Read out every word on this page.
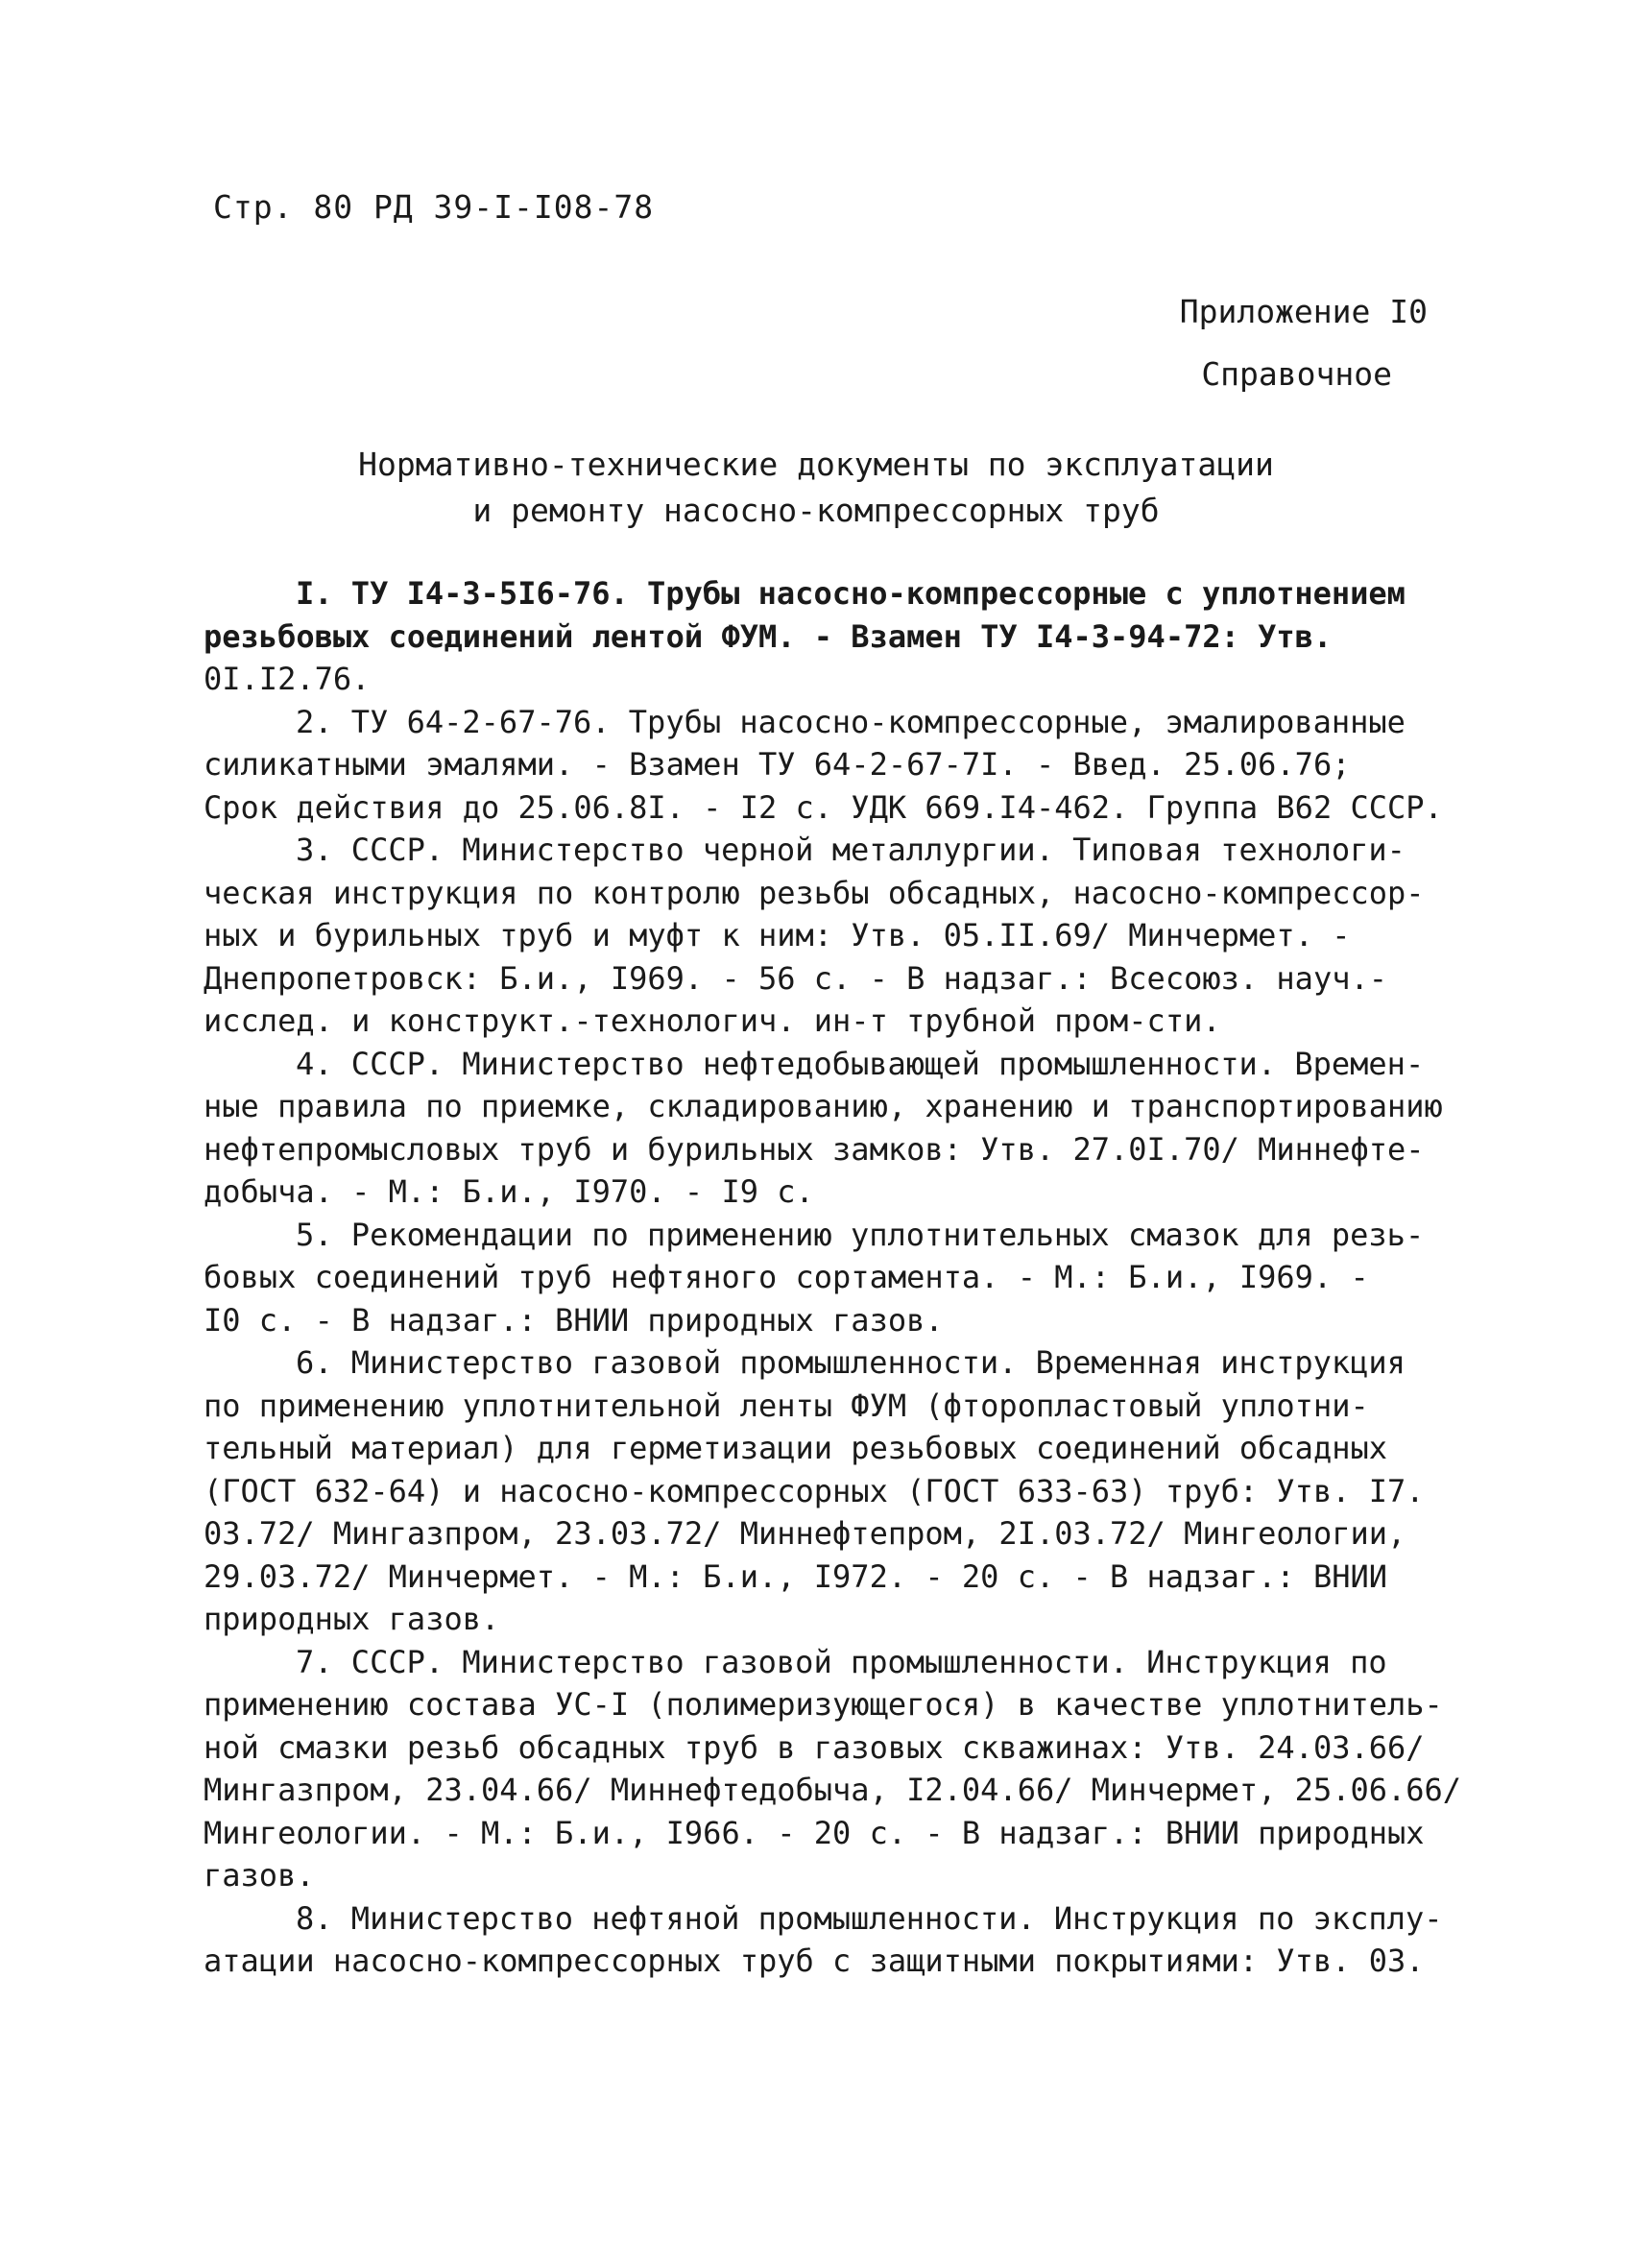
Стр. 80 РД 39-I-I08-78
Приложение I0
Справочное
Нормативно-технические документы по эксплуатации
и ремонту насосно-компрессорных труб
I. ТУ I4-3-5I6-76. Трубы насосно-компрессорные с уплотнением
резьбовых соединений лентой ФУМ. - Взамен ТУ I4-3-94-72: Утв.
0I.I2.76.
2. ТУ 64-2-67-76. Трубы насосно-компрессорные, эмалированные
силикатными эмалями. - Взамен ТУ 64-2-67-7I. - Введ. 25.06.76;
Срок действия до 25.06.8I. - I2 с. УДК 669.I4-462. Группа В62 СССР.
3. СССР. Министерство черной металлургии. Типовая технологи-
ческая инструкция по контролю резьбы обсадных, насосно-компрессор-
ных и бурильных труб и муфт к ним: Утв. 05.II.69/ Минчермет. -
Днепропетровск: Б.и., I969. - 56 с. - В надзаг.: Всесоюз. науч.-
исслед. и конструкт.-технологич. ин-т трубной пром-сти.
4. СССР. Министерство нефтедобывающей промышленности. Времен-
ные правила по приемке, складированию, хранению и транспортированию
нефтепромысловых труб и бурильных замков: Утв. 27.0I.70/ Миннефте-
добыча. - М.: Б.и., I970. - I9 с.
5. Рекомендации по применению уплотнительных смазок для резь-
бовых соединений труб нефтяного сортамента. - М.: Б.и., I969. -
I0 с. - В надзаг.: ВНИИ природных газов.
6. Министерство газовой промышленности. Временная инструкция
по применению уплотнительной ленты ФУМ (фторопластовый уплотни-
тельный материал) для герметизации резьбовых соединений обсадных
(ГОСТ 632-64) и насосно-компрессорных (ГОСТ 633-63) труб: Утв. I7.
03.72/ Мингазпром, 23.03.72/ Миннефтепром, 2I.03.72/ Мингеологии,
29.03.72/ Минчермет. - М.: Б.и., I972. - 20 с. - В надзаг.: ВНИИ
природных газов.
7. СССР. Министерство газовой промышленности. Инструкция по
применению состава УС-I (полимеризующегося) в качестве уплотнитель-
ной смазки резьб обсадных труб в газовых скважинах: Утв. 24.03.66/
Мингазпром, 23.04.66/ Миннефтедобыча, I2.04.66/ Минчермет, 25.06.66/
Мингеологии. - М.: Б.и., I966. - 20 с. - В надзаг.: ВНИИ природных
газов.
8. Министерство нефтяной промышленности. Инструкция по эксплу-
атации насосно-компрессорных труб с защитными покрытиями: Утв. 03.
